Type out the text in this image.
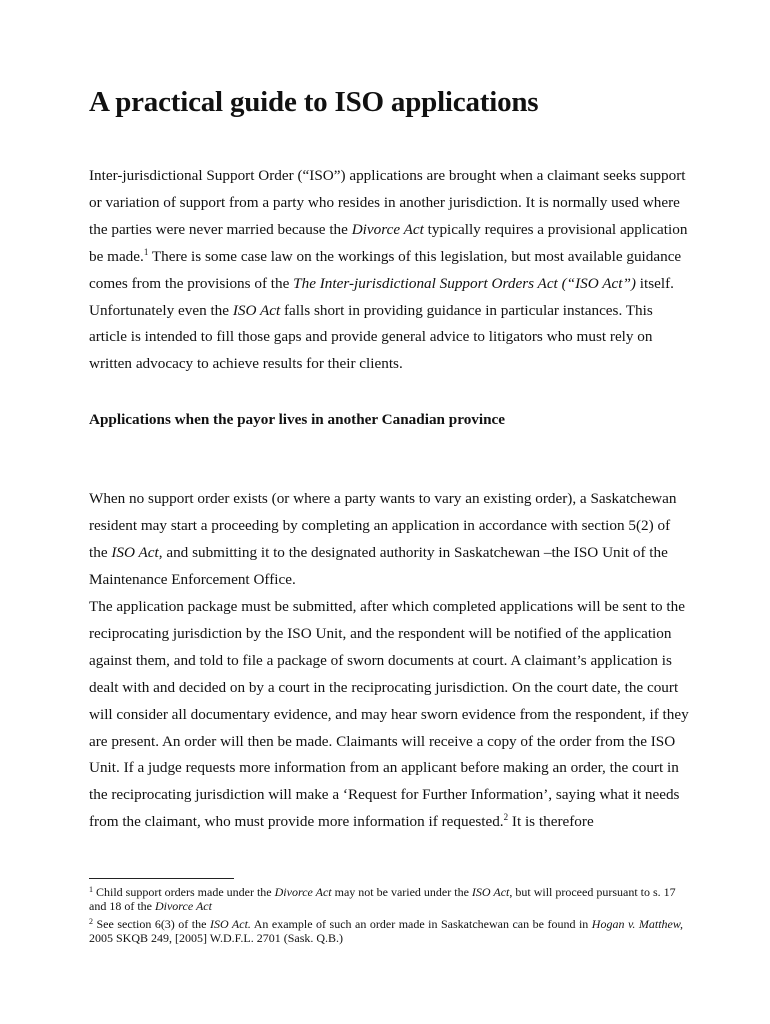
A practical guide to ISO applications

Inter-jurisdictional Support Order (“ISO”) applications are brought when a claimant seeks support or variation of support from a party who resides in another jurisdiction. It is normally used where the parties were never married because the Divorce Act typically requires a provisional application be made.$^1$ There is some case law on the workings of this legislation, but most available guidance comes from the provisions of the The Inter-jurisdictional Support Orders Act (“ISO Act”) itself. Unfortunately even the ISO Act falls short in providing guidance in particular instances. This article is intended to fill those gaps and provide general advice to litigators who must rely on written advocacy to achieve results for their clients.

Applications when the payor lives in another Canadian province

When no support order exists (or where a party wants to vary an existing order), a Saskatchewan resident may start a proceeding by completing an application in accordance with section 5(2) of the ISO Act, and submitting it to the designated authority in Saskatchewan –the ISO Unit of the Maintenance Enforcement Office.

The application package must be submitted, after which completed applications will be sent to the reciprocating jurisdiction by the ISO Unit, and the respondent will be notified of the application against them, and told to file a package of sworn documents at court. A claimant’s application is dealt with and decided on by a court in the reciprocating jurisdiction. On the court date, the court will consider all documentary evidence, and may hear sworn evidence from the respondent, if they are present. An order will then be made. Claimants will receive a copy of the order from the ISO Unit. If a judge requests more information from an applicant before making an order, the court in the reciprocating jurisdiction will make a ‘Request for Further Information’, saying what it needs from the claimant, who must provide more information if requested.$^2$ It is therefore

$^1$ Child support orders made under the Divorce Act may not be varied under the ISO Act, but will proceed pursuant to s. 17 and 18 of the Divorce Act

$^2$ See section 6(3) of the ISO Act. An example of such an order made in Saskatchewan can be found in Hogan v. Matthew, 2005 SKQB 249, [2005] W.D.F.L. 2701 (Sask. Q.B.)
